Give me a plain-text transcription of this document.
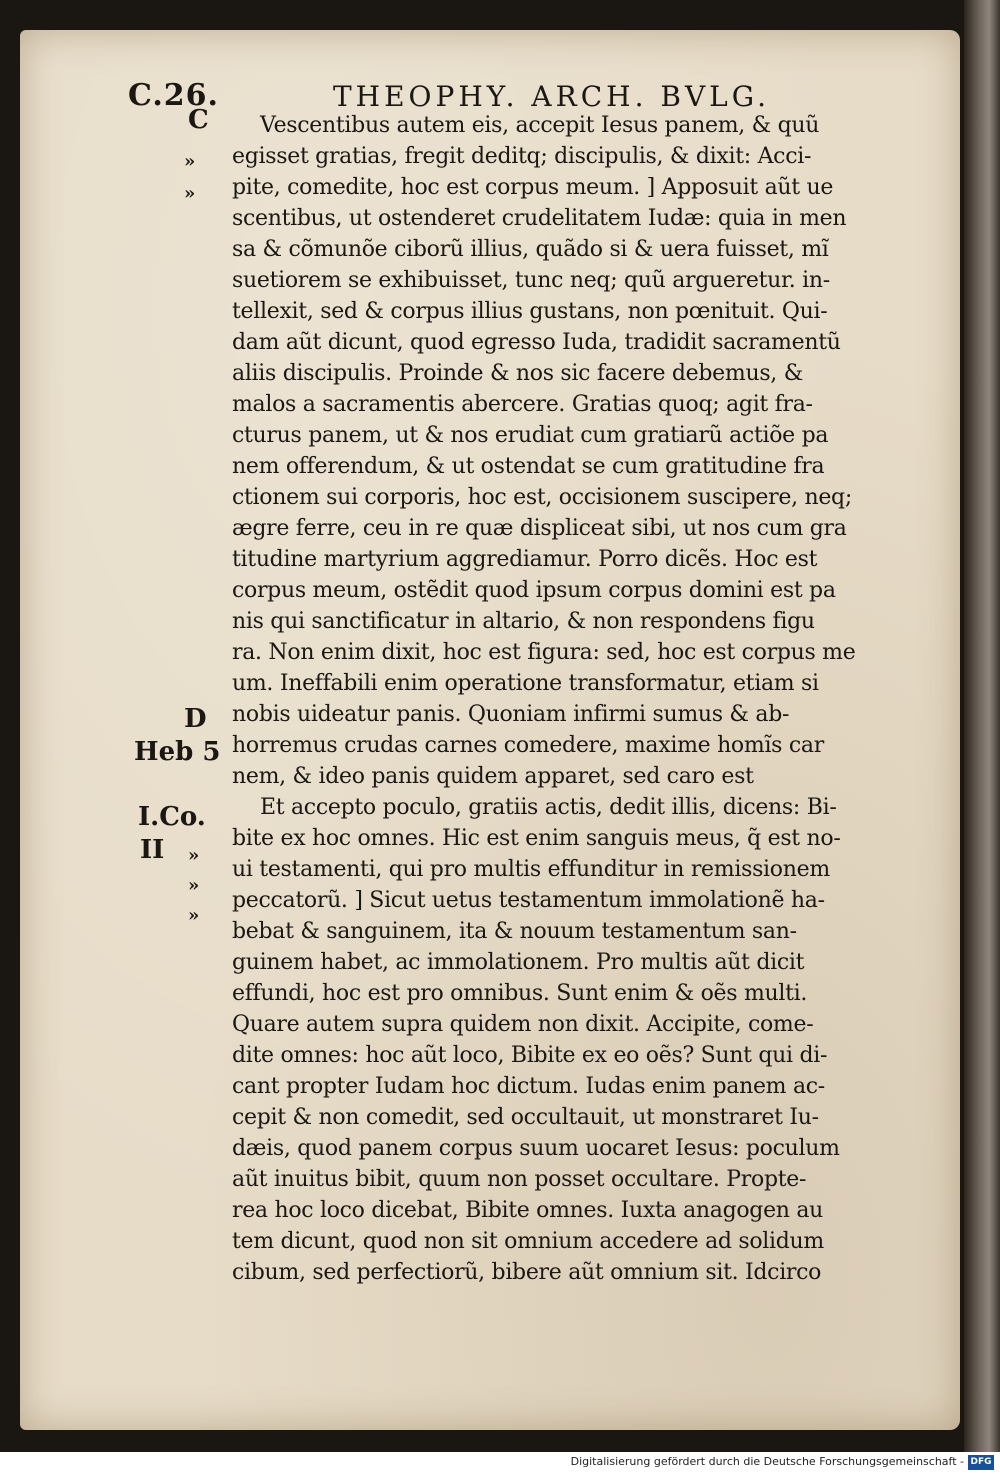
C.26.	THEOPHY. ARCH. BVLG.
C
»
»
D
Heb 5
I.Co.
II	»
»
»
Vescentibus autem eis, accepit Iesus panem, & quũ
egisset gratias, fregit deditq; discipulis, & dixit: Acci-
pite, comedite, hoc est corpus meum. ] Apposuit aũt ue
scentibus, ut ostenderet crudelitatem Iudæ: quia in men
sa & cõmunõe ciborũ illius, quãdo si & uera fuisset, mĩ
suetiorem se exhibuisset, tunc neq; quũ argueretur. in-
tellexit, sed & corpus illius gustans, non pœnituit. Qui-
dam aũt dicunt, quod egresso Iuda, tradidit sacramentũ
aliis discipulis. Proinde & nos sic facere debemus, &
malos a sacramentis abercere. Gratias quoq; agit fra-
cturus panem, ut & nos erudiat cum gratiarũ actiõe pa
nem offerendum, & ut ostendat se cum gratitudine fra
ctionem sui corporis, hoc est, occisionem suscipere, neq;
ægre ferre, ceu in re quæ displiceat sibi, ut nos cum gra
titudine martyrium aggrediamur. Porro dicẽs. Hoc est
corpus meum, ostẽdit quod ipsum corpus domini est pa
nis qui sanctificatur in altario, & non respondens figu
ra. Non enim dixit, hoc est figura: sed, hoc est corpus me
um. Ineffabili enim operatione transformatur, etiam si
nobis uideatur panis. Quoniam infirmi sumus & ab-
horremus crudas carnes comedere, maxime homĩs car
nem, & ideo panis quidem apparet, sed caro est
Et accepto poculo, gratiis actis, dedit illis, dicens: Bi-
bite ex hoc omnes. Hic est enim sanguis meus, q̃ est no-
ui testamenti, qui pro multis effunditur in remissionem
peccatorũ. ] Sicut uetus testamentum immolationẽ ha-
bebat & sanguinem, ita & nouum testamentum san-
guinem habet, ac immolationem. Pro multis aũt dicit
effundi, hoc est pro omnibus. Sunt enim & oẽs multi.
Quare autem supra quidem non dixit. Accipite, come-
dite omnes: hoc aũt loco, Bibite ex eo oẽs? Sunt qui di-
cant propter Iudam hoc dictum. Iudas enim panem ac-
cepit & non comedit, sed occultauit, ut monstraret Iu-
dæis, quod panem corpus suum uocaret Iesus: poculum
aũt inuitus bibit, quum non posset occultare. Propte-
rea hoc loco dicebat, Bibite omnes. Iuxta anagogen au
tem dicunt, quod non sit omnium accedere ad solidum
cibum, sed perfectiorũ, bibere aũt omnium sit. Idcirco
Digitalisierung gefördert durch die Deutsche Forschungsgemeinschaft - DFG
